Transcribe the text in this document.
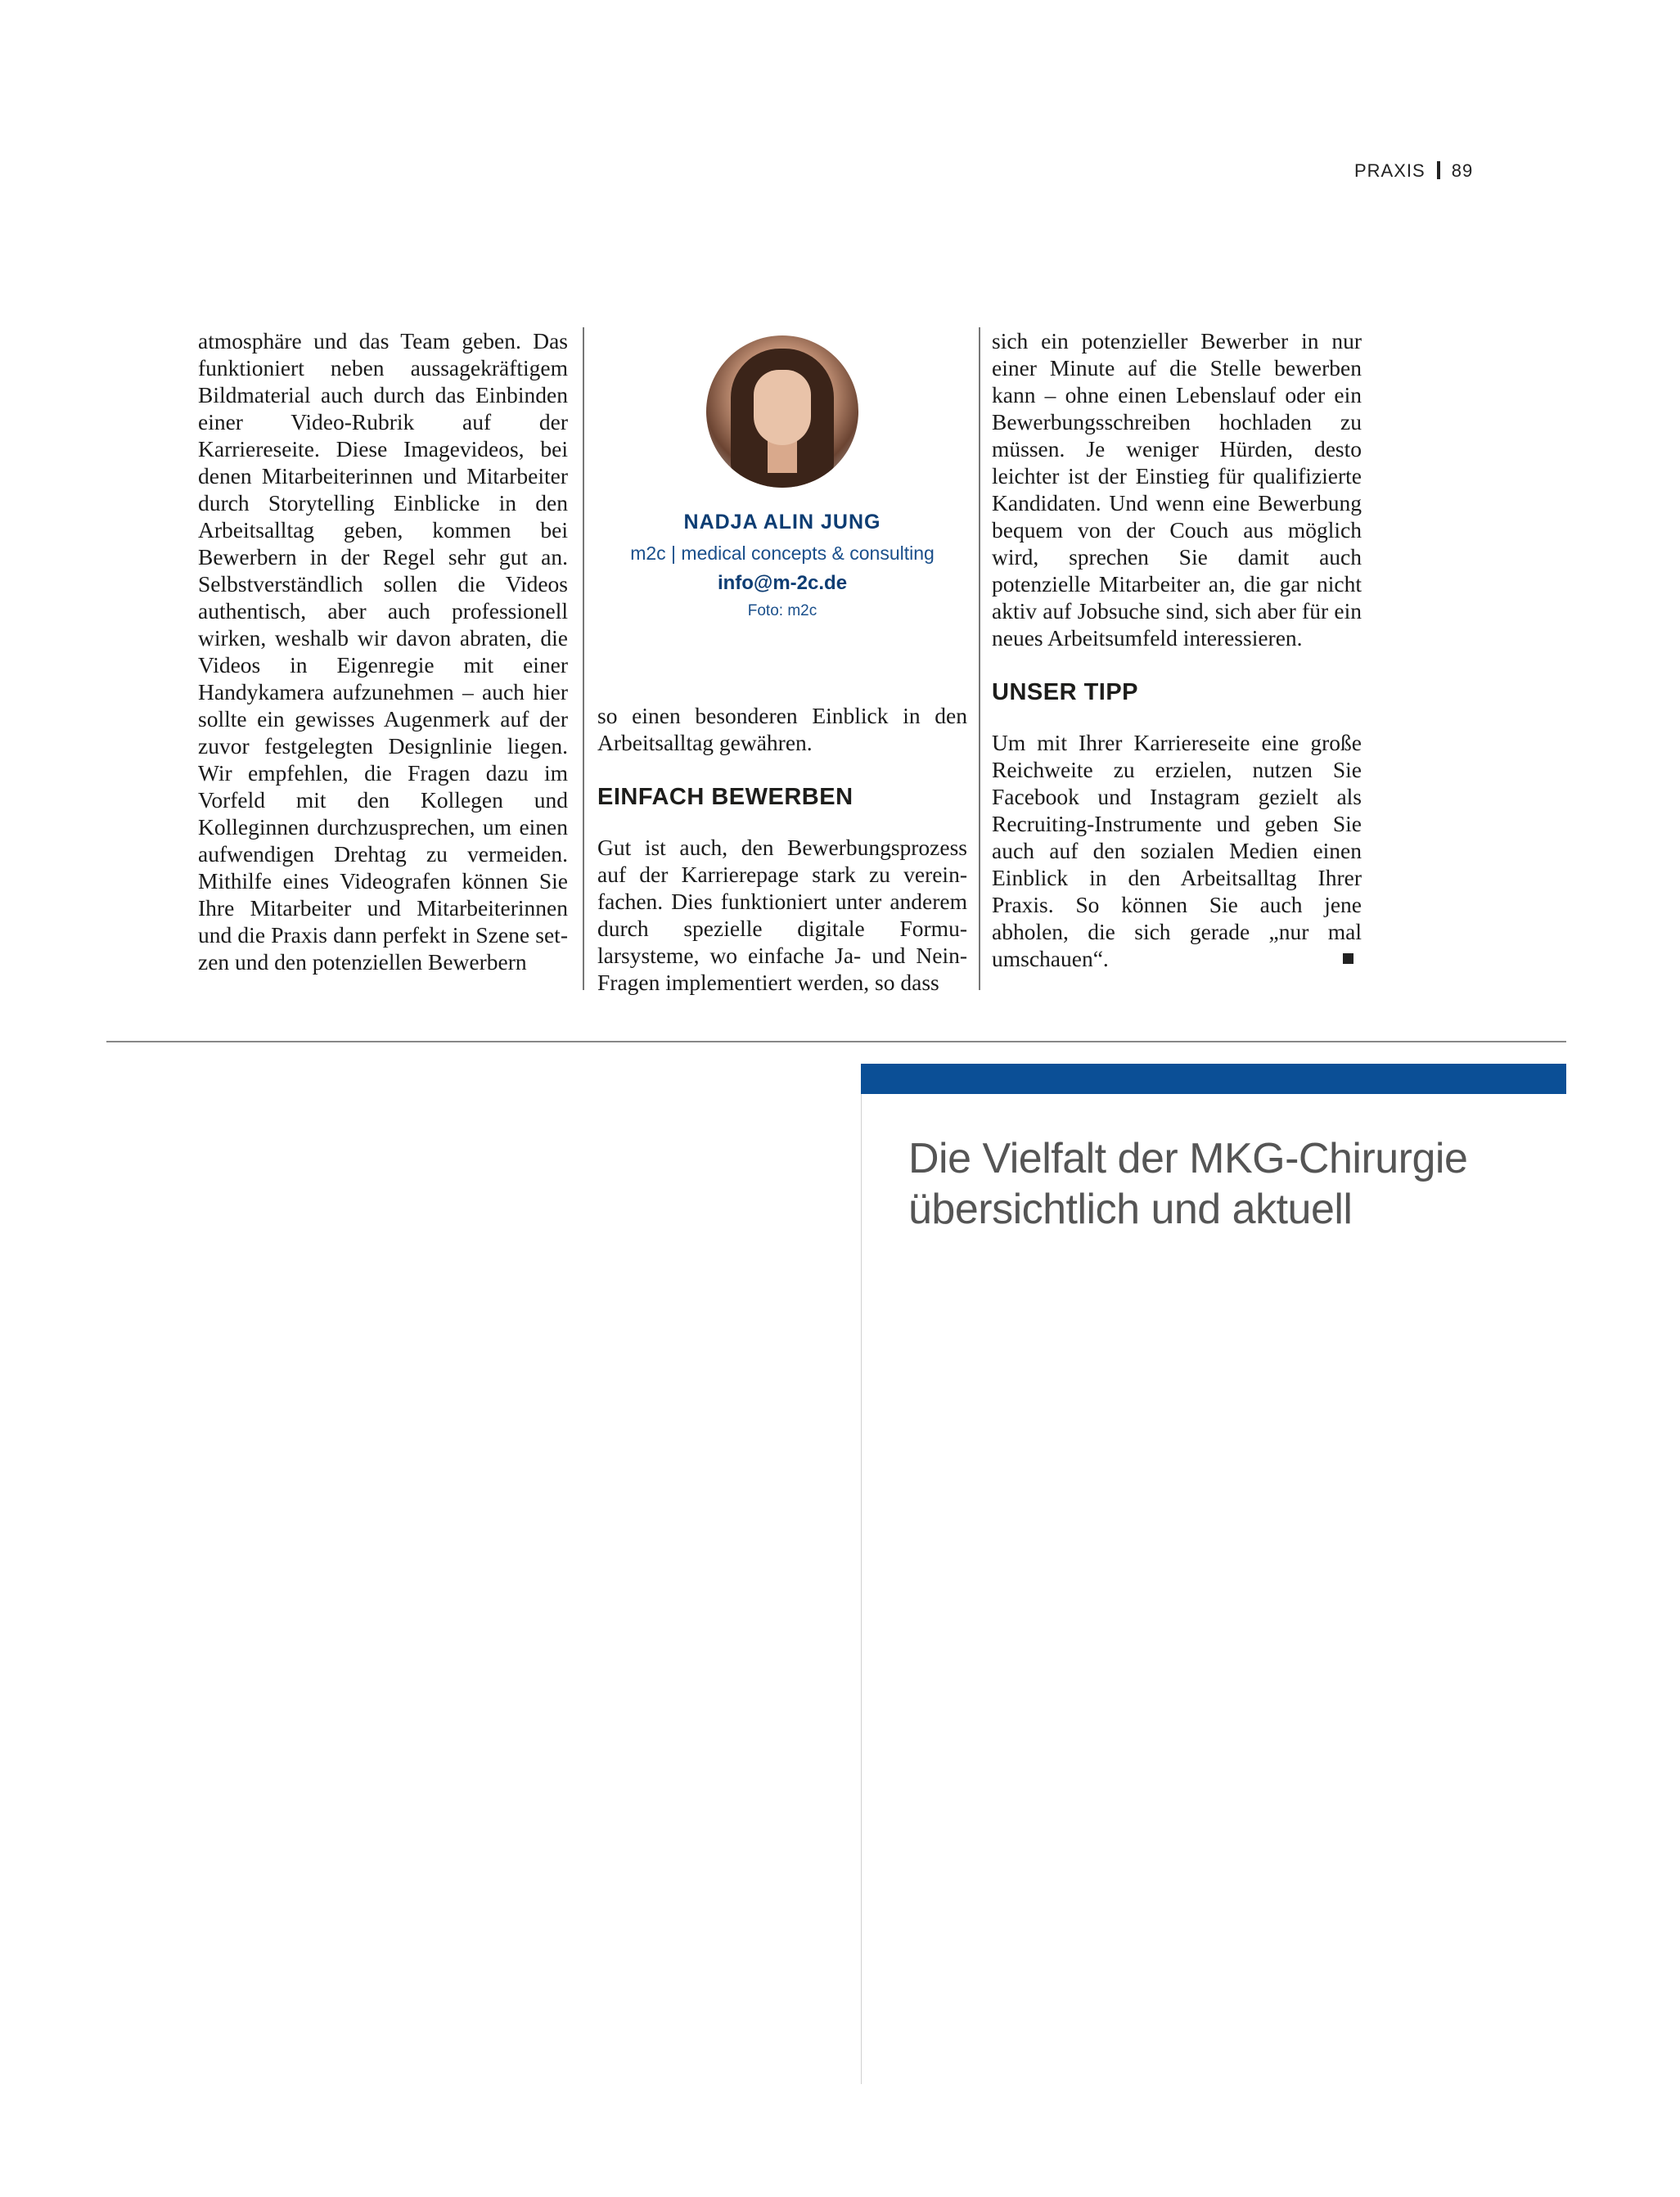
PRAXIS 89
atmosphäre und das Team geben. Das funktioniert neben aussagekräftigem Bildmaterial auch durch das Einbinden einer Video-Rubrik auf der Karriereseite. Diese Imagevideos, bei denen Mitarbeiterinnen und Mitarbeiter durch Storytelling Einblicke in den Arbeitsalltag geben, kommen bei Bewerbern in der Regel sehr gut an. Selbstverständlich sollen die Videos authentisch, aber auch professionell wirken, weshalb wir davon abraten, die Videos in Eigenregie mit einer Handykamera aufzunehmen – auch hier sollte ein gewisses Augenmerk auf der zuvor festgelegten Designlinie liegen. Wir empfehlen, die Fragen dazu im Vorfeld mit den Kollegen und Kolleginnen durchzusprechen, um einen aufwendigen Drehtag zu vermeiden. Mithilfe eines Videografen können Sie Ihre Mitarbeiter und Mitarbeiterinnen und die Praxis dann perfekt in Szene setzen und den potenziellen Bewerbern
NADJA ALIN JUNG
m2c | medical concepts & consulting
info@m-2c.de
Foto: m2c
so einen besonderen Einblick in den Arbeitsalltag gewähren.
EINFACH BEWERBEN
Gut ist auch, den Bewerbungsprozess auf der Karrierepage stark zu vereinfachen. Dies funktioniert unter anderem durch spezielle digitale Formularsysteme, wo einfache Ja- und Nein-Fragen implementiert werden, so dass
sich ein potenzieller Bewerber in nur einer Minute auf die Stelle bewerben kann – ohne einen Lebenslauf oder ein Bewerbungsschreiben hochladen zu müssen. Je weniger Hürden, desto leichter ist der Einstieg für qualifizierte Kandidaten. Und wenn eine Bewerbung bequem von der Couch aus möglich wird, sprechen Sie damit auch potenzielle Mitarbeiter an, die gar nicht aktiv auf Jobsuche sind, sich aber für ein neues Arbeitsumfeld interessieren.
UNSER TIPP
Um mit Ihrer Karriereseite eine große Reichweite zu erzielen, nutzen Sie Facebook und Instagram gezielt als Recruiting-Instrumente und geben Sie auch auf den sozialen Medien einen Einblick in den Arbeitsalltag Ihrer Praxis. So können Sie auch jene abholen, die sich gerade „nur mal umschauen“.
Die Vielfalt der MKG-Chirurgie
übersichtlich und aktuell
